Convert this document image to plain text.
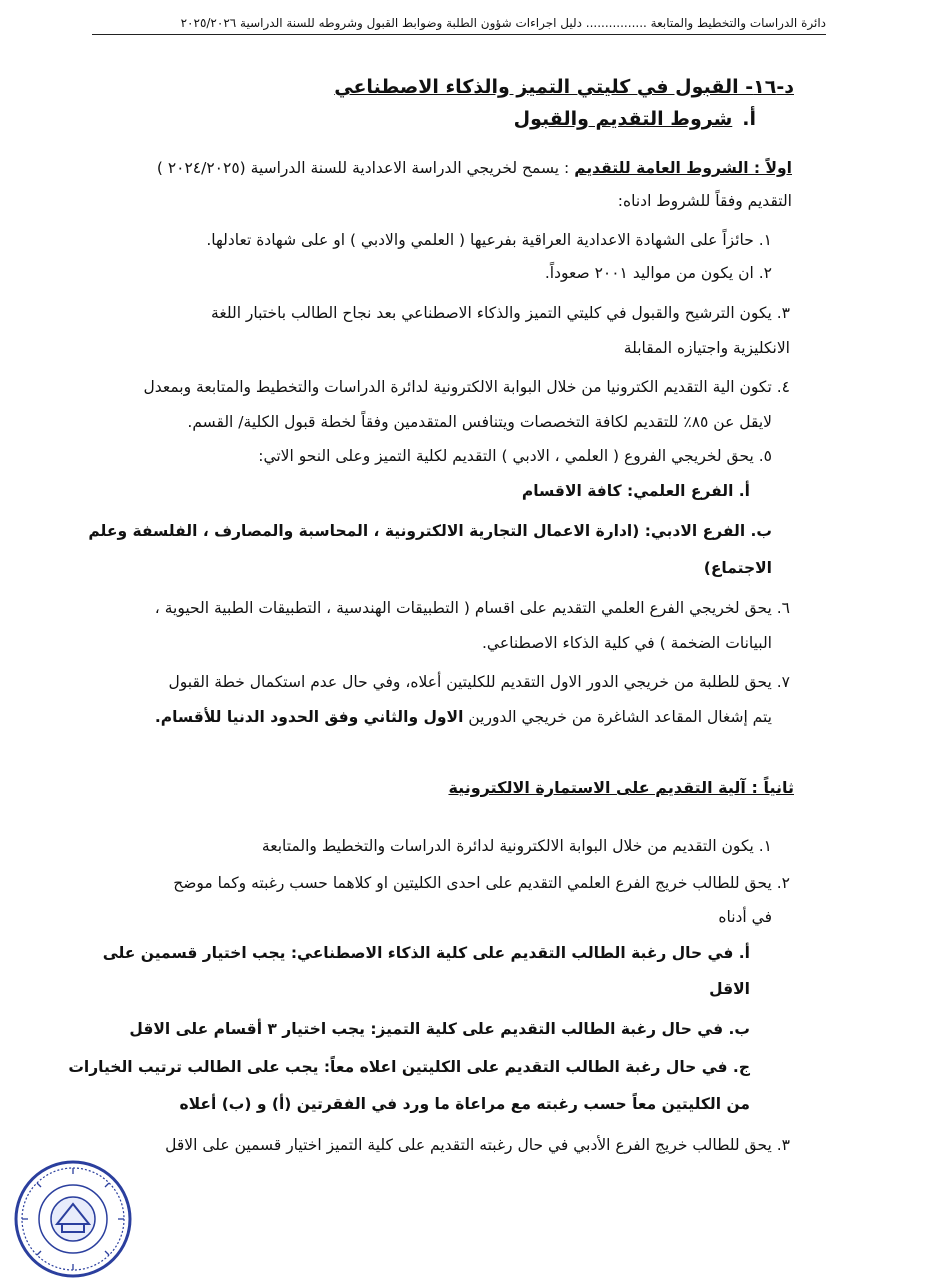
دائرة الدراسات والتخطيط والمتابعة ................ دليل اجراءات شؤون الطلبة وضوابط القبول وشروطه للسنة الدراسية ٢٠٢٥/٢٠٢٦
د-١٦- القبول في كليتي التميز والذكاء الاصطناعي
أ.شروط التقديم والقبول
اولاً : الشروط العامة للتقديم : يسمح لخريجي الدراسة الاعدادية للسنة الدراسية (٢٠٢٤/٢٠٢٥ )
التقديم وفقاً للشروط ادناه:
١. حائزاً على الشهادة الاعدادية العراقية بفرعيها ( العلمي والادبي ) او على شهادة تعادلها.
٢. ان يكون من مواليد ٢٠٠١ صعوداً.
٣. يكون الترشيح والقبول في كليتي التميز والذكاء الاصطناعي بعد نجاح الطالب باختبار اللغة
الانكليزية واجتيازه المقابلة
٤. تكون الية التقديم الكترونيا من خلال البوابة الالكترونية لدائرة الدراسات والتخطيط والمتابعة وبمعدل
لايقل عن ٨٥٪ للتقديم لكافة التخصصات ويتنافس المتقدمين وفقاً لخطة قبول الكلية/ القسم.
٥. يحق لخريجي الفروع ( العلمي ، الادبي ) التقديم لكلية التميز وعلى النحو الاتي:
أ. الفرع العلمي: كافة الاقسام
ب. الفرع الادبي: (ادارة الاعمال التجارية الالكترونية ، المحاسبة والمصارف ، الفلسفة وعلم
الاجتماع)
٦. يحق لخريجي الفرع العلمي التقديم على اقسام ( التطبيقات الهندسية ، التطبيقات الطبية الحيوية ،
البيانات الضخمة ) في كلية الذكاء الاصطناعي.
٧. يحق للطلبة من خريجي الدور الاول التقديم للكليتين أعلاه، وفي حال عدم استكمال خطة القبول
يتم إشغال المقاعد الشاغرة من خريجي الدورين الاول والثاني وفق الحدود الدنيا للأقسام.
ثانياً : آلية التقديم على الاستمارة الالكترونية
١. يكون التقديم من خلال البوابة الالكترونية لدائرة الدراسات والتخطيط والمتابعة
٢. يحق للطالب خريج الفرع العلمي التقديم على احدى الكليتين او كلاهما حسب رغبته وكما موضح
في أدناه
أ. في حال رغبة الطالب التقديم على كلية الذكاء الاصطناعي: يجب اختيار قسمين على
الاقل
ب. في حال رغبة الطالب التقديم على كلية التميز: يجب اختيار ٣ أقسام على الاقل
ج. في حال رغبة الطالب التقديم على الكليتين اعلاه معاً: يجب على الطالب ترتيب الخيارات
من الكليتين معاً حسب رغبته مع مراعاة ما ورد في الفقرتين (أ) و (ب) أعلاه
٣. يحق للطالب خريج الفرع الأدبي في حال رغبته التقديم على كلية التميز اختيار قسمين على الاقل
